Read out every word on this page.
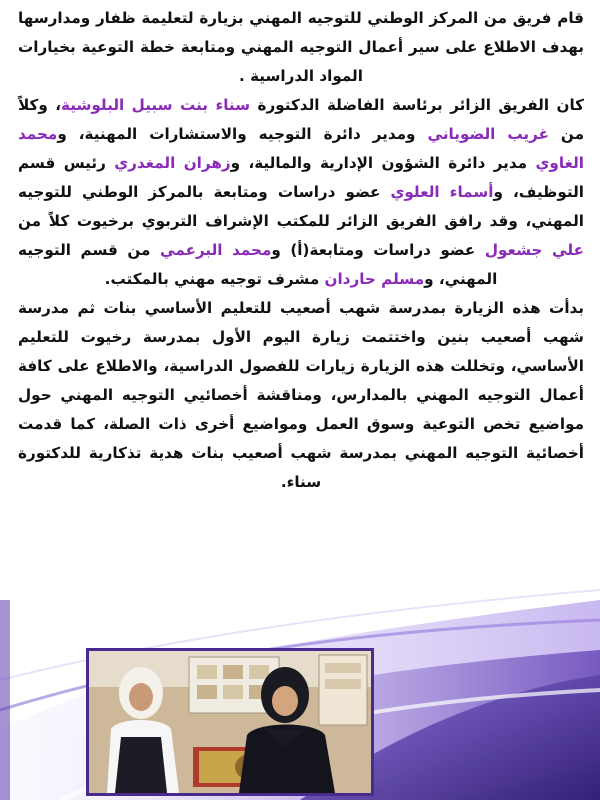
قام فريق من المركز الوطني للتوجيه المهني بزيارة لتعليمة ظفار ومدارسها بهدف الاطلاع على سير أعمال التوجيه المهني ومتابعة خطة التوعية بخيارات المواد الدراسية .

كان الفريق الزائر برئاسة الفاضلة الدكتورة سناء بنت سبيل البلوشية، وكلاً من غريب الضوياني ومدير دائرة التوجيه والاستشارات المهنية، ومحمد الغاوي مدير دائرة الشؤون الإدارية والمالية، وزهران المغدري رئيس قسم التوظيف، وأسماء العلوي عضو دراسات ومتابعة بالمركز الوطني للتوجيه المهني، وقد رافق الفريق الزائر للمكتب الإشراف التربوي برخيوت كلاً من علي جشعول عضو دراسات ومتابعة(أ) ومحمد البرعمي من قسم التوجيه المهني، ومسلم حاردان مشرف توجيه مهني بالمكتب.

بدأت هذه الزيارة بمدرسة شهب أصعيب للتعليم الأساسي بنات ثم مدرسة شهب أصعيب بنين واختتمت زيارة اليوم الأول بمدرسة رخيوت للتعليم الأساسي، وتخللت هذه الزيارة زيارات للفصول الدراسية، والاطلاع على كافة أعمال التوجيه المهني بالمدارس، ومناقشة أخصائيي التوجيه المهني حول مواضيع تخص التوعية وسوق العمل ومواضيع أخرى ذات الصلة، كما قدمت أخصائية التوجيه المهني بمدرسة شهب أصعيب بنات هدية تذكارية للدكتورة سناء.
